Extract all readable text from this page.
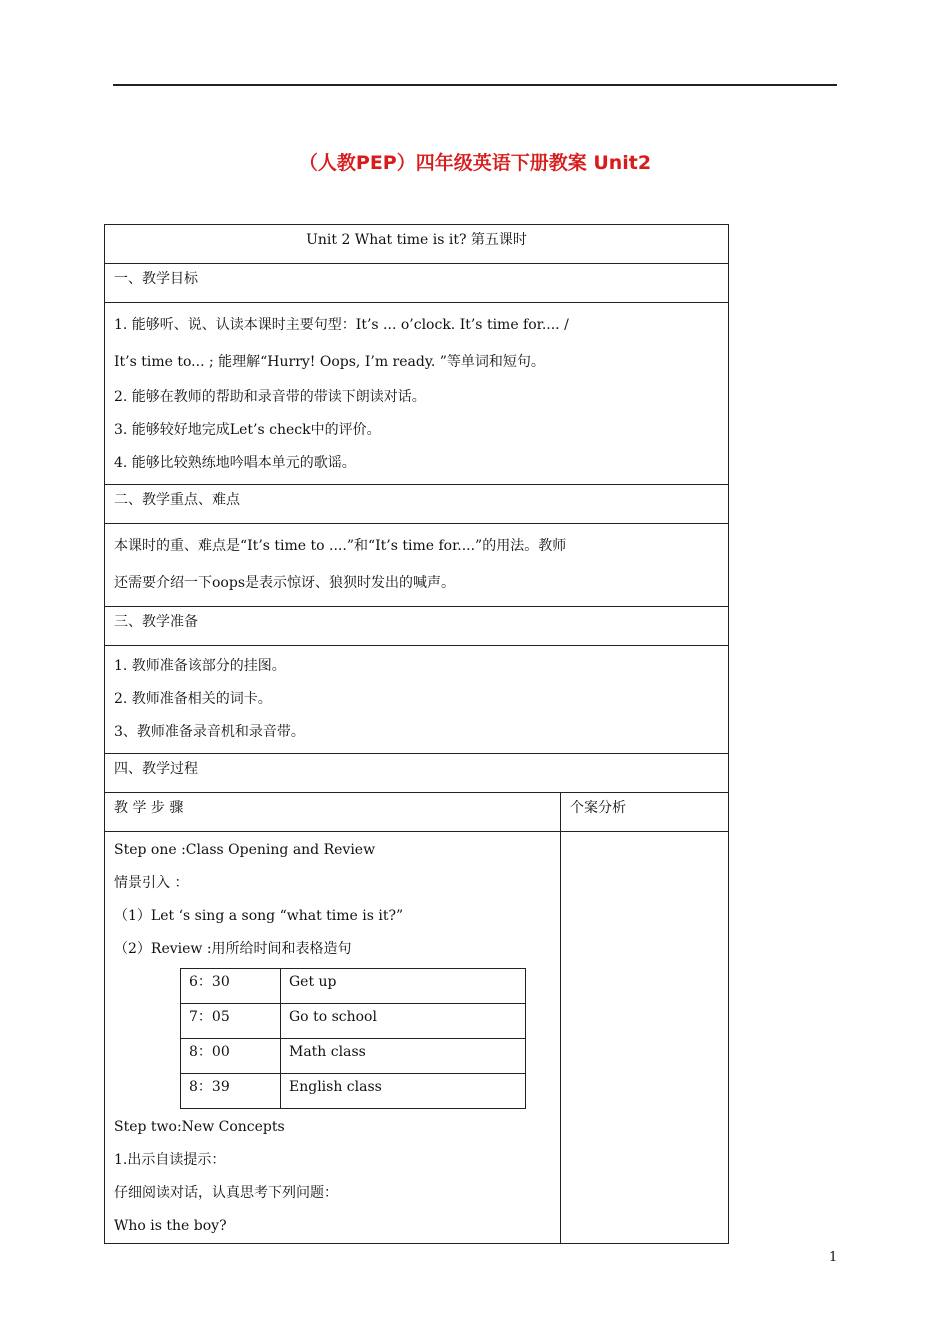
（人教PEP）四年级英语下册教案 Unit2
Unit 2 What time is it? 第五课时
一、教学目标

1. 能够听、说、认读本课时主要句型：It’s ... o’clock. It’s time for.... /
It’s time to... ; 能理解“Hurry! Oops, I’m ready. ”等单词和短句。
2. 能够在教师的帮助和录音带的带读下朗读对话。
3. 能够较好地完成Let’s check中的评价。
4. 能够比较熟练地吟唱本单元的歌谣。

二、教学重点、难点

本课时的重、难点是“It’s time to ....”和“It’s time for....”的用法。教师
还需要介绍一下oops是表示惊讶、狼狈时发出的喊声。

三、教学准备

1. 教师准备该部分的挂图。
2. 教师准备相关的词卡。
3、教师准备录音机和录音带。

四、教学过程
教 学 步 骤	个案分析

Step one :Class Opening and Review
情景引入 ：
（1）Let ‘s sing a song “what time is it?”
（2）Review :用所给时间和表格造句
6：30	Get up
7：05	Go to school
8：00	Math class
8：39	English class
Step two:New Concepts
1.出示自读提示：
仔细阅读对话，认真思考下列问题：
Who is the boy?

1
